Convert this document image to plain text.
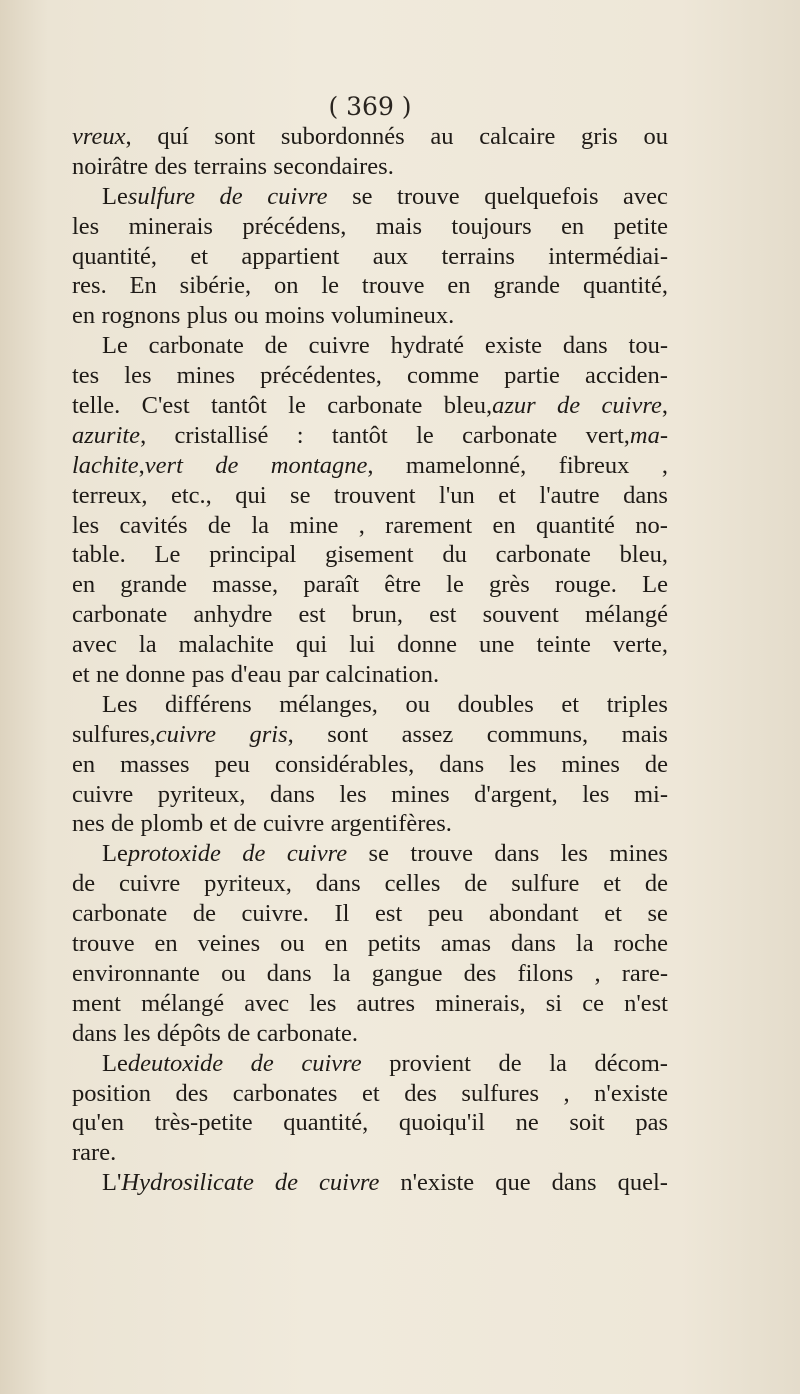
( 369 )
vreux, quí sont subordonnés au calcaire gris ou
noirâtre des terrains secondaires.
Lesulfure de cuivre se trouve quelquefois avec
les minerais précédens, mais toujours en petite
quantité, et appartient aux terrains intermédiai-
res. En sibérie, on le trouve en grande quantité,
en rognons plus ou moins volumineux.
Le carbonate de cuivre hydraté existe dans tou-
tes les mines précédentes, comme partie acciden-
telle. C'est tantôt le carbonate bleu,azur de cuivre,
azurite, cristallisé : tantôt le carbonate vert,ma-
lachite,vert de montagne, mamelonné, fibreux ,
terreux, etc., qui se trouvent l'un et l'autre dans
les cavités de la mine , rarement en quantité no-
table. Le principal gisement du carbonate bleu,
en grande masse, paraît être le grès rouge. Le
carbonate anhydre est brun, est souvent mélangé
avec la malachite qui lui donne une teinte verte,
et ne donne pas d'eau par calcination.
Les différens mélanges, ou doubles et triples
sulfures,cuivre gris, sont assez communs, mais
en masses peu considérables, dans les mines de
cuivre pyriteux, dans les mines d'argent, les mi-
nes de plomb et de cuivre argentifères.
Leprotoxide de cuivre se trouve dans les mines
de cuivre pyriteux, dans celles de sulfure et de
carbonate de cuivre. Il est peu abondant et se
trouve en veines ou en petits amas dans la roche
environnante ou dans la gangue des filons , rare-
ment mélangé avec les autres minerais, si ce n'est
dans les dépôts de carbonate.
Ledeutoxide de cuivre provient de la décom-
position des carbonates et des sulfures , n'existe
qu'en très-petite quantité, quoiqu'il ne soit pas
rare.
L'Hydrosilicate de cuivre n'existe que dans quel-
